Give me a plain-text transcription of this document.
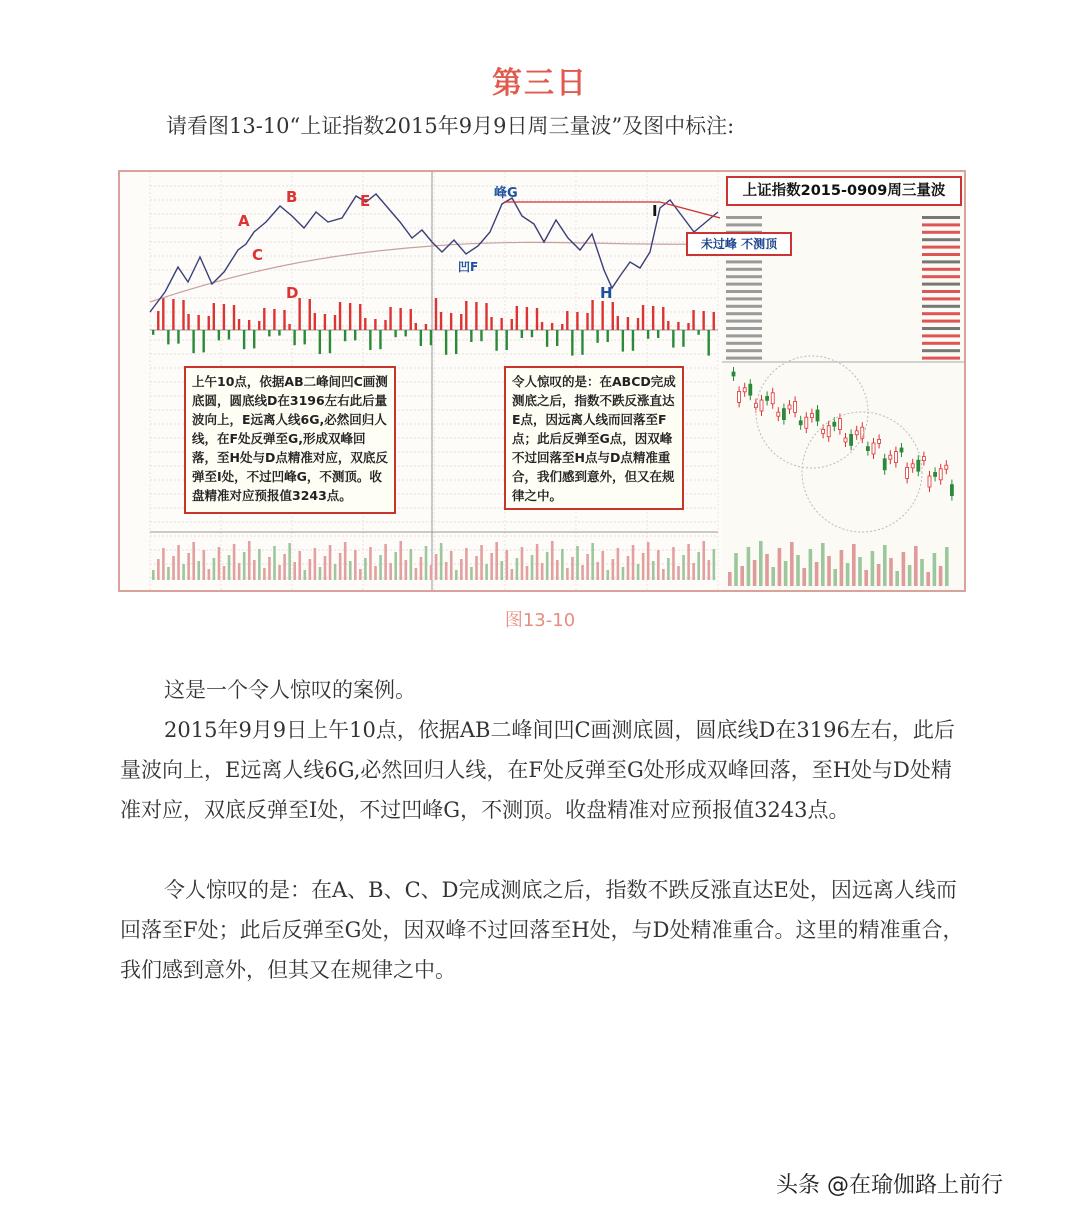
第三日
请看图13-10“上证指数2015年9月9日周三量波”及图中标注:
A
B
C
D
E	峰G
凹F
H
I
上午10点，依据AB二峰间凹C画测底圆，圆底线D在3196左右此后量波向上，E远离人线6G,必然回归人线，在F处反弹至G,形成双峰回落，至H处与D点精准对应，双底反弹至I处，不过凹峰G，不测顶。收盘精准对应预报值3243点。
令人惊叹的是：在ABCD完成测底之后，指数不跌反涨直达E点，因远离人线而回落至F点；此后反弹至G点，因双峰不过回落至H点与D点精准重合，我们感到意外，但又在规律之中。
上证指数2015-0909周三量波
未过峰 不测顶
图13-10

这是一个令人惊叹的案例。

2015年9月9日上午10点，依据AB二峰间凹C画测底圆，圆底线D在3196左右，此后量波向上，E远离人线6G,必然回归人线，在F处反弹至G处形成双峰回落，至H处与D处精准对应，双底反弹至I处，不过凹峰G，不测顶。收盘精准对应预报值3243点。

令人惊叹的是：在A、B、C、D完成测底之后，指数不跌反涨直达E处，因远离人线而回落至F处；此后反弹至G处，因双峰不过回落至H处，与D处精准重合。这里的精准重合，我们感到意外，但其又在规律之中。

头条 @在瑜伽路上前行
